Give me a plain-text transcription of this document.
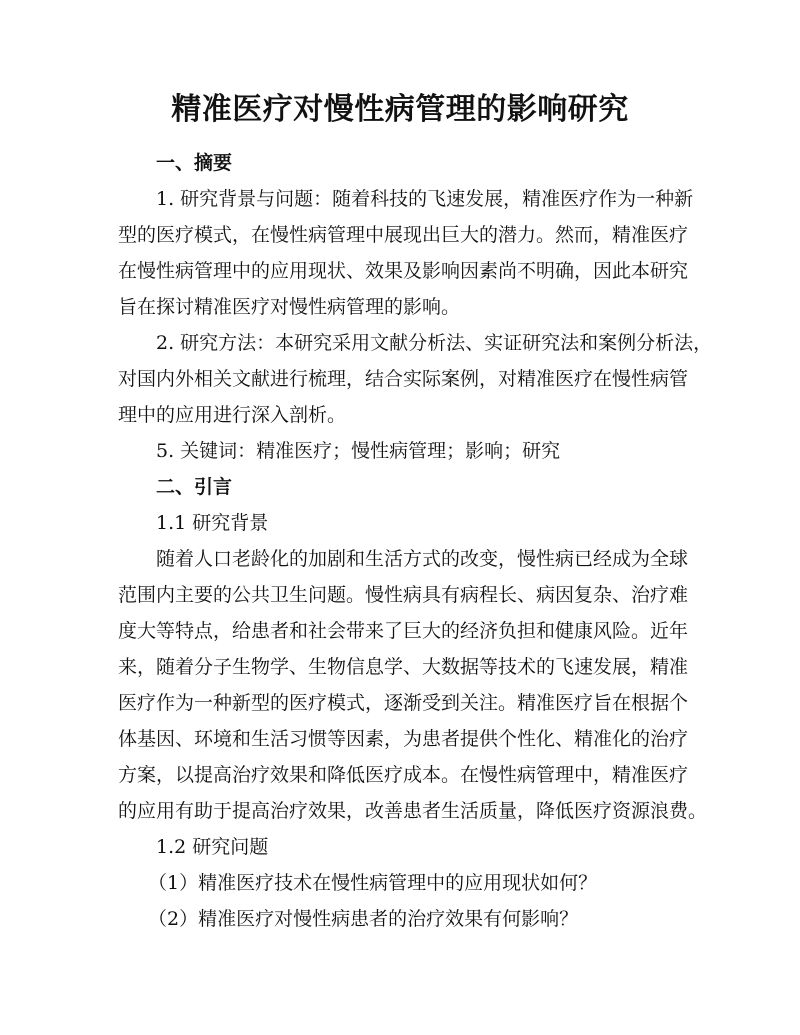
精准医疗对慢性病管理的影响研究
一、摘要
1. 研究背景与问题：随着科技的飞速发展，精准医疗作为一种新
型的医疗模式，在慢性病管理中展现出巨大的潜力。然而，精准医疗
在慢性病管理中的应用现状、效果及影响因素尚不明确，因此本研究
旨在探讨精准医疗对慢性病管理的影响。
2. 研究方法：本研究采用文献分析法、实证研究法和案例分析法，
对国内外相关文献进行梳理，结合实际案例，对精准医疗在慢性病管
理中的应用进行深入剖析。
5. 关键词：精准医疗；慢性病管理；影响；研究
二、引言
1.1 研究背景
随着人口老龄化的加剧和生活方式的改变，慢性病已经成为全球
范围内主要的公共卫生问题。慢性病具有病程长、病因复杂、治疗难
度大等特点，给患者和社会带来了巨大的经济负担和健康风险。近年
来，随着分子生物学、生物信息学、大数据等技术的飞速发展，精准
医疗作为一种新型的医疗模式，逐渐受到关注。精准医疗旨在根据个
体基因、环境和生活习惯等因素，为患者提供个性化、精准化的治疗
方案，以提高治疗效果和降低医疗成本。在慢性病管理中，精准医疗
的应用有助于提高治疗效果，改善患者生活质量，降低医疗资源浪费。
1.2 研究问题
（1）精准医疗技术在慢性病管理中的应用现状如何？
（2）精准医疗对慢性病患者的治疗效果有何影响？
